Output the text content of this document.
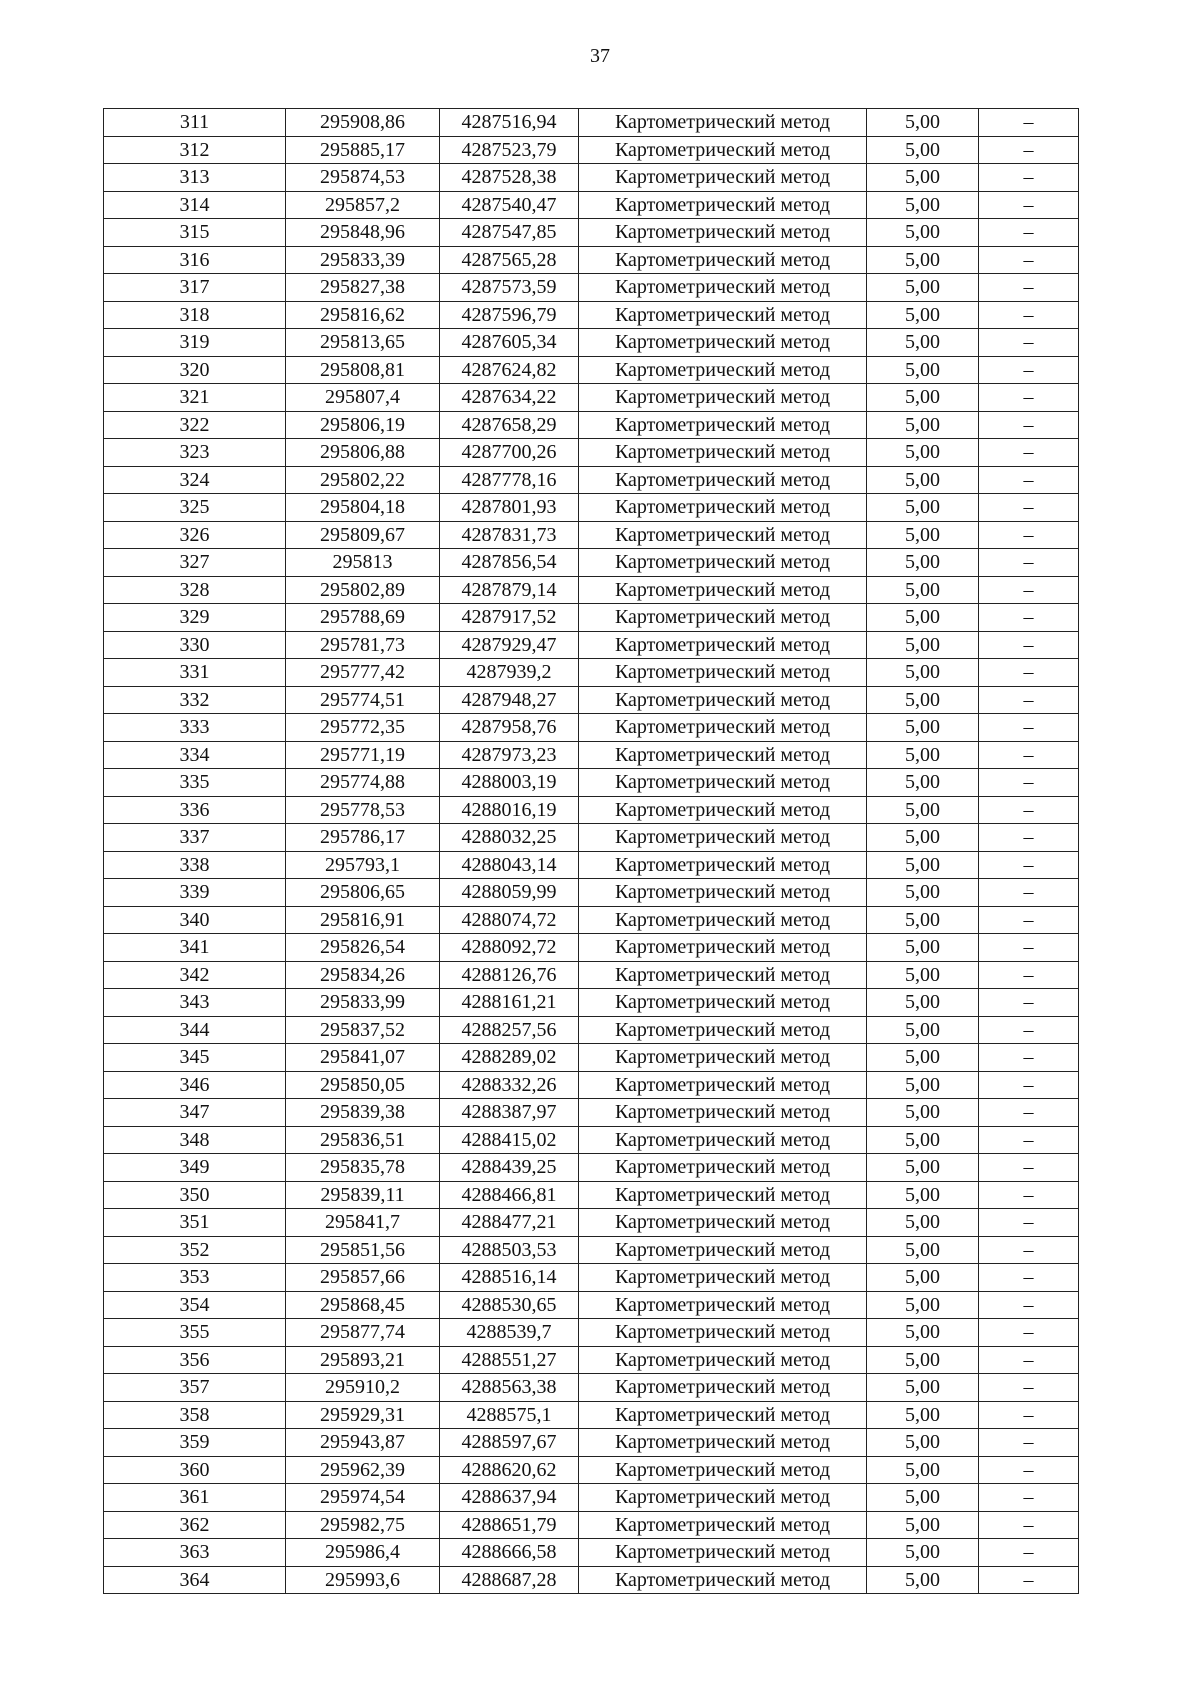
37
311	295908,86	4287516,94	Картометрический метод	5,00	–
312	295885,17	4287523,79	Картометрический метод	5,00	–
313	295874,53	4287528,38	Картометрический метод	5,00	–
314	295857,2	4287540,47	Картометрический метод	5,00	–
315	295848,96	4287547,85	Картометрический метод	5,00	–
316	295833,39	4287565,28	Картометрический метод	5,00	–
317	295827,38	4287573,59	Картометрический метод	5,00	–
318	295816,62	4287596,79	Картометрический метод	5,00	–
319	295813,65	4287605,34	Картометрический метод	5,00	–
320	295808,81	4287624,82	Картометрический метод	5,00	–
321	295807,4	4287634,22	Картометрический метод	5,00	–
322	295806,19	4287658,29	Картометрический метод	5,00	–
323	295806,88	4287700,26	Картометрический метод	5,00	–
324	295802,22	4287778,16	Картометрический метод	5,00	–
325	295804,18	4287801,93	Картометрический метод	5,00	–
326	295809,67	4287831,73	Картометрический метод	5,00	–
327	295813	4287856,54	Картометрический метод	5,00	–
328	295802,89	4287879,14	Картометрический метод	5,00	–
329	295788,69	4287917,52	Картометрический метод	5,00	–
330	295781,73	4287929,47	Картометрический метод	5,00	–
331	295777,42	4287939,2	Картометрический метод	5,00	–
332	295774,51	4287948,27	Картометрический метод	5,00	–
333	295772,35	4287958,76	Картометрический метод	5,00	–
334	295771,19	4287973,23	Картометрический метод	5,00	–
335	295774,88	4288003,19	Картометрический метод	5,00	–
336	295778,53	4288016,19	Картометрический метод	5,00	–
337	295786,17	4288032,25	Картометрический метод	5,00	–
338	295793,1	4288043,14	Картометрический метод	5,00	–
339	295806,65	4288059,99	Картометрический метод	5,00	–
340	295816,91	4288074,72	Картометрический метод	5,00	–
341	295826,54	4288092,72	Картометрический метод	5,00	–
342	295834,26	4288126,76	Картометрический метод	5,00	–
343	295833,99	4288161,21	Картометрический метод	5,00	–
344	295837,52	4288257,56	Картометрический метод	5,00	–
345	295841,07	4288289,02	Картометрический метод	5,00	–
346	295850,05	4288332,26	Картометрический метод	5,00	–
347	295839,38	4288387,97	Картометрический метод	5,00	–
348	295836,51	4288415,02	Картометрический метод	5,00	–
349	295835,78	4288439,25	Картометрический метод	5,00	–
350	295839,11	4288466,81	Картометрический метод	5,00	–
351	295841,7	4288477,21	Картометрический метод	5,00	–
352	295851,56	4288503,53	Картометрический метод	5,00	–
353	295857,66	4288516,14	Картометрический метод	5,00	–
354	295868,45	4288530,65	Картометрический метод	5,00	–
355	295877,74	4288539,7	Картометрический метод	5,00	–
356	295893,21	4288551,27	Картометрический метод	5,00	–
357	295910,2	4288563,38	Картометрический метод	5,00	–
358	295929,31	4288575,1	Картометрический метод	5,00	–
359	295943,87	4288597,67	Картометрический метод	5,00	–
360	295962,39	4288620,62	Картометрический метод	5,00	–
361	295974,54	4288637,94	Картометрический метод	5,00	–
362	295982,75	4288651,79	Картометрический метод	5,00	–
363	295986,4	4288666,58	Картометрический метод	5,00	–
364	295993,6	4288687,28	Картометрический метод	5,00	–
